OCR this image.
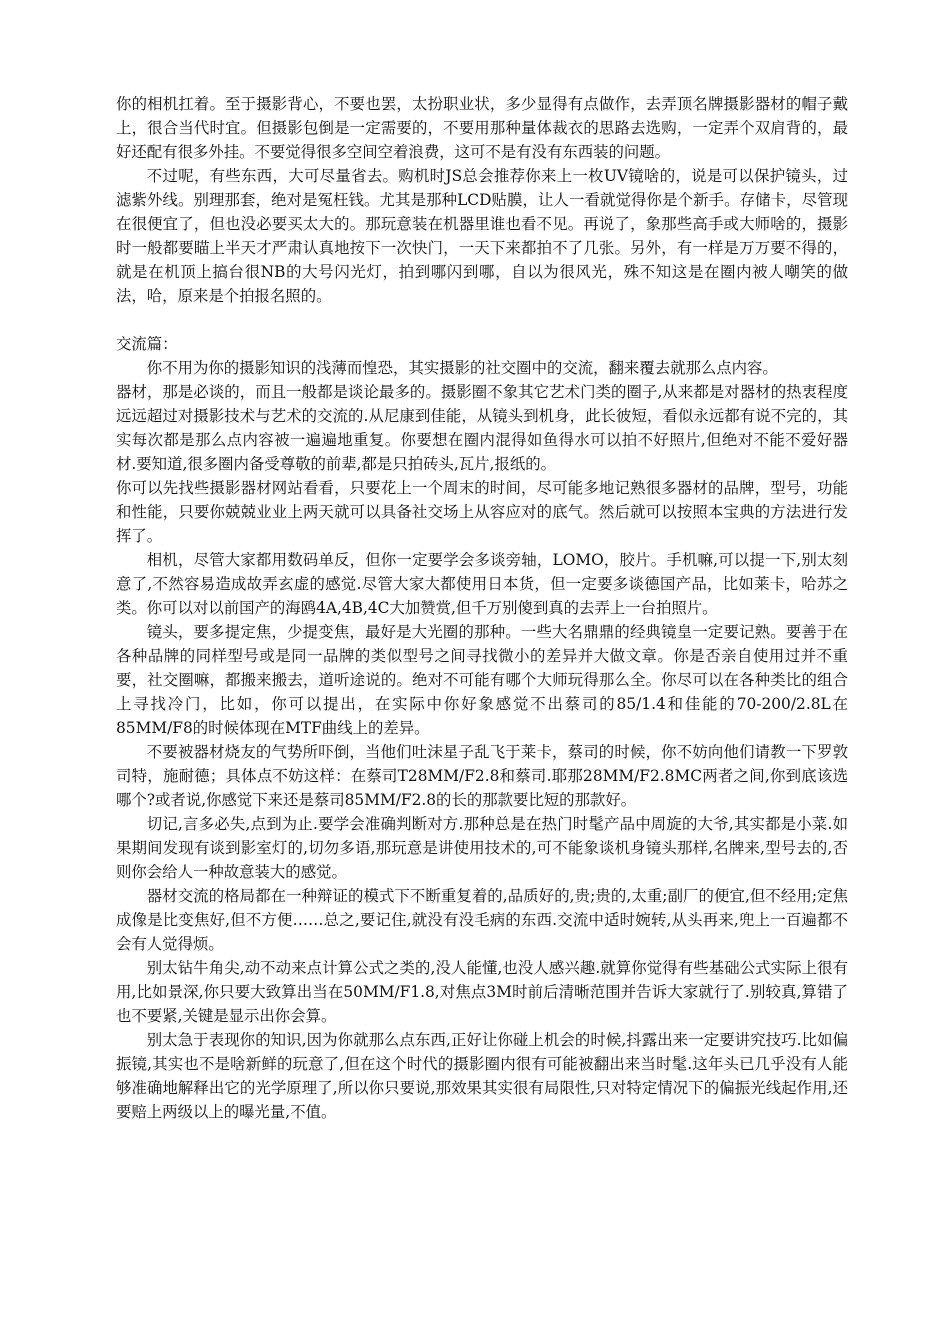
你的相机扛着。至于摄影背心，不要也罢，太扮职业状，多少显得有点做作，去弄顶名牌摄影器材的帽子戴上，很合当代时宜。但摄影包倒是一定需要的，不要用那种量体裁衣的思路去选购，一定弄个双肩背的，最好还配有很多外挂。不要觉得很多空间空着浪费，这可不是有没有东西装的问题。

不过呢，有些东西，大可尽量省去。购机时JS总会推荐你来上一枚UV镜啥的，说是可以保护镜头，过滤紫外线。别理那套，绝对是冤枉钱。尤其是那种LCD贴膜，让人一看就觉得你是个新手。存储卡，尽管现在很便宜了，但也没必要买太大的。那玩意装在机器里谁也看不见。再说了，象那些高手或大师啥的，摄影时一般都要瞄上半天才严肃认真地按下一次快门，一天下来都拍不了几张。另外，有一样是万万要不得的，就是在机顶上搞台很NB的大号闪光灯，拍到哪闪到哪，自以为很风光，殊不知这是在圈内被人嘲笑的做法，哈，原来是个拍报名照的。

交流篇：

你不用为你的摄影知识的浅薄而惶恐，其实摄影的社交圈中的交流，翻来覆去就那么点内容。

器材，那是必谈的，而且一般都是谈论最多的。摄影圈不象其它艺术门类的圈子,从来都是对器材的热衷程度远远超过对摄影技术与艺术的交流的.从尼康到佳能，从镜头到机身，此长彼短，看似永远都有说不完的，其实每次都是那么点内容被一遍遍地重复。你要想在圈内混得如鱼得水可以拍不好照片,但绝对不能不爱好器材.要知道,很多圈内备受尊敬的前辈,都是只拍砖头,瓦片,报纸的。

你可以先找些摄影器材网站看看，只要花上一个周末的时间，尽可能多地记熟很多器材的品牌，型号，功能和性能，只要你兢兢业业上两天就可以具备社交场上从容应对的底气。然后就可以按照本宝典的方法进行发挥了。

相机，尽管大家都用数码单反，但你一定要学会多谈旁轴，LOMO，胶片。手机嘛,可以提一下,别太刻意了,不然容易造成故弄玄虚的感觉.尽管大家大都使用日本货，但一定要多谈德国产品，比如莱卡，哈苏之类。你可以对以前国产的海鸥4A,4B,4C大加赞赏,但千万别傻到真的去弄上一台拍照片。

镜头，要多提定焦，少提变焦，最好是大光圈的那种。一些大名鼎鼎的经典镜皇一定要记熟。要善于在各种品牌的同样型号或是同一品牌的类似型号之间寻找微小的差异并大做文章。你是否亲自使用过并不重要，社交圈嘛，都搬来搬去，道听途说的。绝对不可能有哪个大师玩得那么全。你尽可以在各种类比的组合上寻找冷门，比如，你可以提出，在实际中你好象感觉不出蔡司的85/1.4和佳能的70-200/2.8L在85MM/F8的时候体现在MTF曲线上的差异。

不要被器材烧友的气势所吓倒，当他们吐沫星子乱飞于莱卡，蔡司的时候，你不妨向他们请教一下罗敦司特，施耐德；具体点不妨这样：在蔡司T28MM/F2.8和蔡司.耶那28MM/F2.8MC两者之间,你到底该选哪个?或者说,你感觉下来还是蔡司85MM/F2.8的长的那款要比短的那款好。

切记,言多必失,点到为止.要学会准确判断对方.那种总是在热门时髦产品中周旋的大爷,其实都是小菜.如果期间发现有谈到影室灯的,切勿多语,那玩意是讲使用技术的,可不能象谈机身镜头那样,名牌来,型号去的,否则你会给人一种故意装大的感觉。

器材交流的格局都在一种辩证的模式下不断重复着的,品质好的,贵;贵的,太重;副厂的便宜,但不经用;定焦成像是比变焦好,但不方便……总之,要记住,就没有没毛病的东西.交流中适时婉转,从头再来,兜上一百遍都不会有人觉得烦。

别太钻牛角尖,动不动来点计算公式之类的,没人能懂,也没人感兴趣.就算你觉得有些基础公式实际上很有用,比如景深,你只要大致算出当在50MM/F1.8,对焦点3M时前后清晰范围并告诉大家就行了.别较真,算错了也不要紧,关键是显示出你会算。

别太急于表现你的知识,因为你就那么点东西,正好让你碰上机会的时候,抖露出来一定要讲究技巧.比如偏振镜,其实也不是啥新鲜的玩意了,但在这个时代的摄影圈内很有可能被翻出来当时髦.这年头已几乎没有人能够准确地解释出它的光学原理了,所以你只要说,那效果其实很有局限性,只对特定情况下的偏振光线起作用,还要赔上两级以上的曝光量,不值。
